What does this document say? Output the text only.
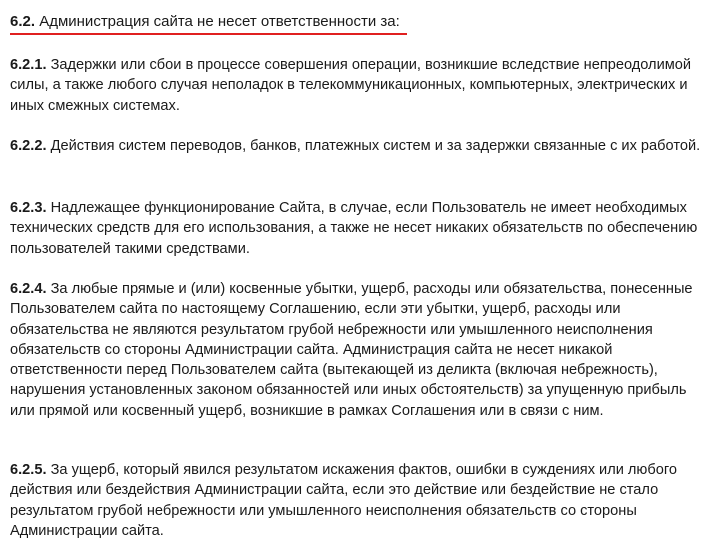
6.2. Администрация сайта не несет ответственности за:

6.2.1. Задержки или сбои в процессе совершения операции, возникшие вследствие непреодолимой силы, а также любого случая неполадок в телекоммуникационных, компьютерных, электрических и иных смежных системах.

6.2.2. Действия систем переводов, банков, платежных систем и за задержки связанные с их работой.

6.2.3. Надлежащее функционирование Сайта, в случае, если Пользователь не имеет необходимых технических средств для его использования, а также не несет никаких обязательств по обеспечению пользователей такими средствами.

6.2.4. За любые прямые и (или) косвенные убытки, ущерб, расходы или обязательства, понесенные Пользователем сайта по настоящему Соглашению, если эти убытки, ущерб, расходы или обязательства не являются результатом грубой небрежности или умышленного неисполнения обязательств со стороны Администрации сайта. Администрация сайта не несет никакой ответственности перед Пользователем сайта (вытекающей из деликта (включая небрежность), нарушения установленных законом обязанностей или иных обстоятельств) за упущенную прибыль или прямой или косвенный ущерб, возникшие в рамках Соглашения или в связи с ним.

6.2.5. За ущерб, который явился результатом искажения фактов, ошибки в суждениях или любого действия или бездействия Администрации сайта, если это действие или бездействие не стало результатом грубой небрежности или умышленного неисполнения обязательств со стороны Администрации сайта.
